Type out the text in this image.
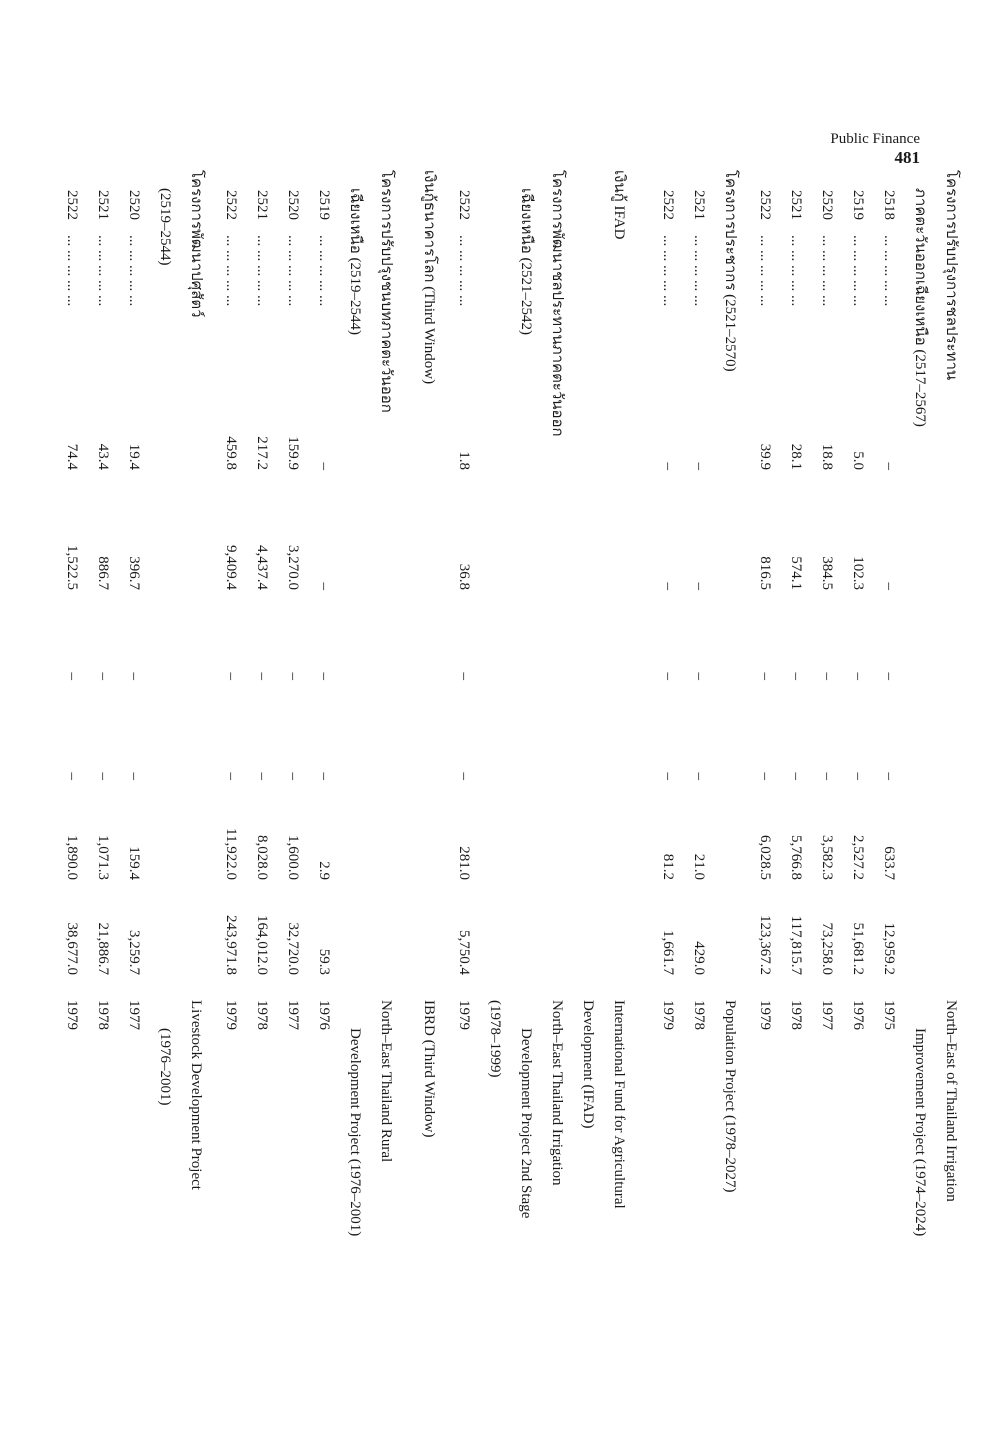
Public Finance
481
โครงการปรับปรุงการชลประทาน
ภาคตะวันออกเฉียงเหนือ (2517–2567)
North–East of Thailand Irrigation
Improvement Project (1974–2024)
2518
... ... ... ... ...
–
–
–
–
633.7
12,959.2
1975
2519
... ... ... ... ...
5.0
102.3
–
–
2,527.2
51,681.2
1976
2520
... ... ... ... ...
18.8
384.5
–
–
3,582.3
73,258.0
1977
2521
... ... ... ... ...
28.1
574.1
–
–
5,766.8
117,815.7
1978
2522
... ... ... ... ...
39.9
816.5
–
–
6,028.5
123,367.2
1979
โครงการประชากร (2521–2570)
Population Project (1978–2027)
2521
... ... ... ... ...
–
–
–
–
21.0
429.0
1978
2522
... ... ... ... ...
–
–
–
–
81.2
1,661.7
1979
เงินกู้ IFAD
International Fund for Agricultural
Development (IFAD)
โครงการพัฒนาชลประทานภาคตะวันออก
เฉียงเหนือ (2521–2542)
North–East Thailand Irrigation
Development Project 2nd Stage
(1978–1999)
2522
... ... ... ... ...
1.8
36.8
–
–
281.0
5,750.4
1979
เงินกู้ธนาคารโลก (Third Window)
IBRD (Third Window)
โครงการปรับปรุงชนบทภาคตะวันออก
เฉียงเหนือ (2519–2544)
North–East Thailand Rural
Development Project (1976–2001)
2519
... ... ... ... ...
–
–
–
–
2.9
59.3
1976
2520
... ... ... ... ...
159.9
3,270.0
–
–
1,600.0
32,720.0
1977
2521
... ... ... ... ...
217.2
4,437.4
–
–
8,028.0
164,012.0
1978
2522
... ... ... ... ...
459.8
9,409.4
–
–
11,922.0
243,971.8
1979
โครงการพัฒนาปศุสัตว์
(2519–2544)
Livestock Development Project
(1976–2001)
2520
... ... ... ... ...
19.4
396.7
–
–
159.4
3,259.7
1977
2521
... ... ... ... ...
43.4
886.7
–
–
1,071.3
21,886.7
1978
2522
... ... ... ... ...
74.4
1,522.5
–
–
1,890.0
38,677.0
1979
